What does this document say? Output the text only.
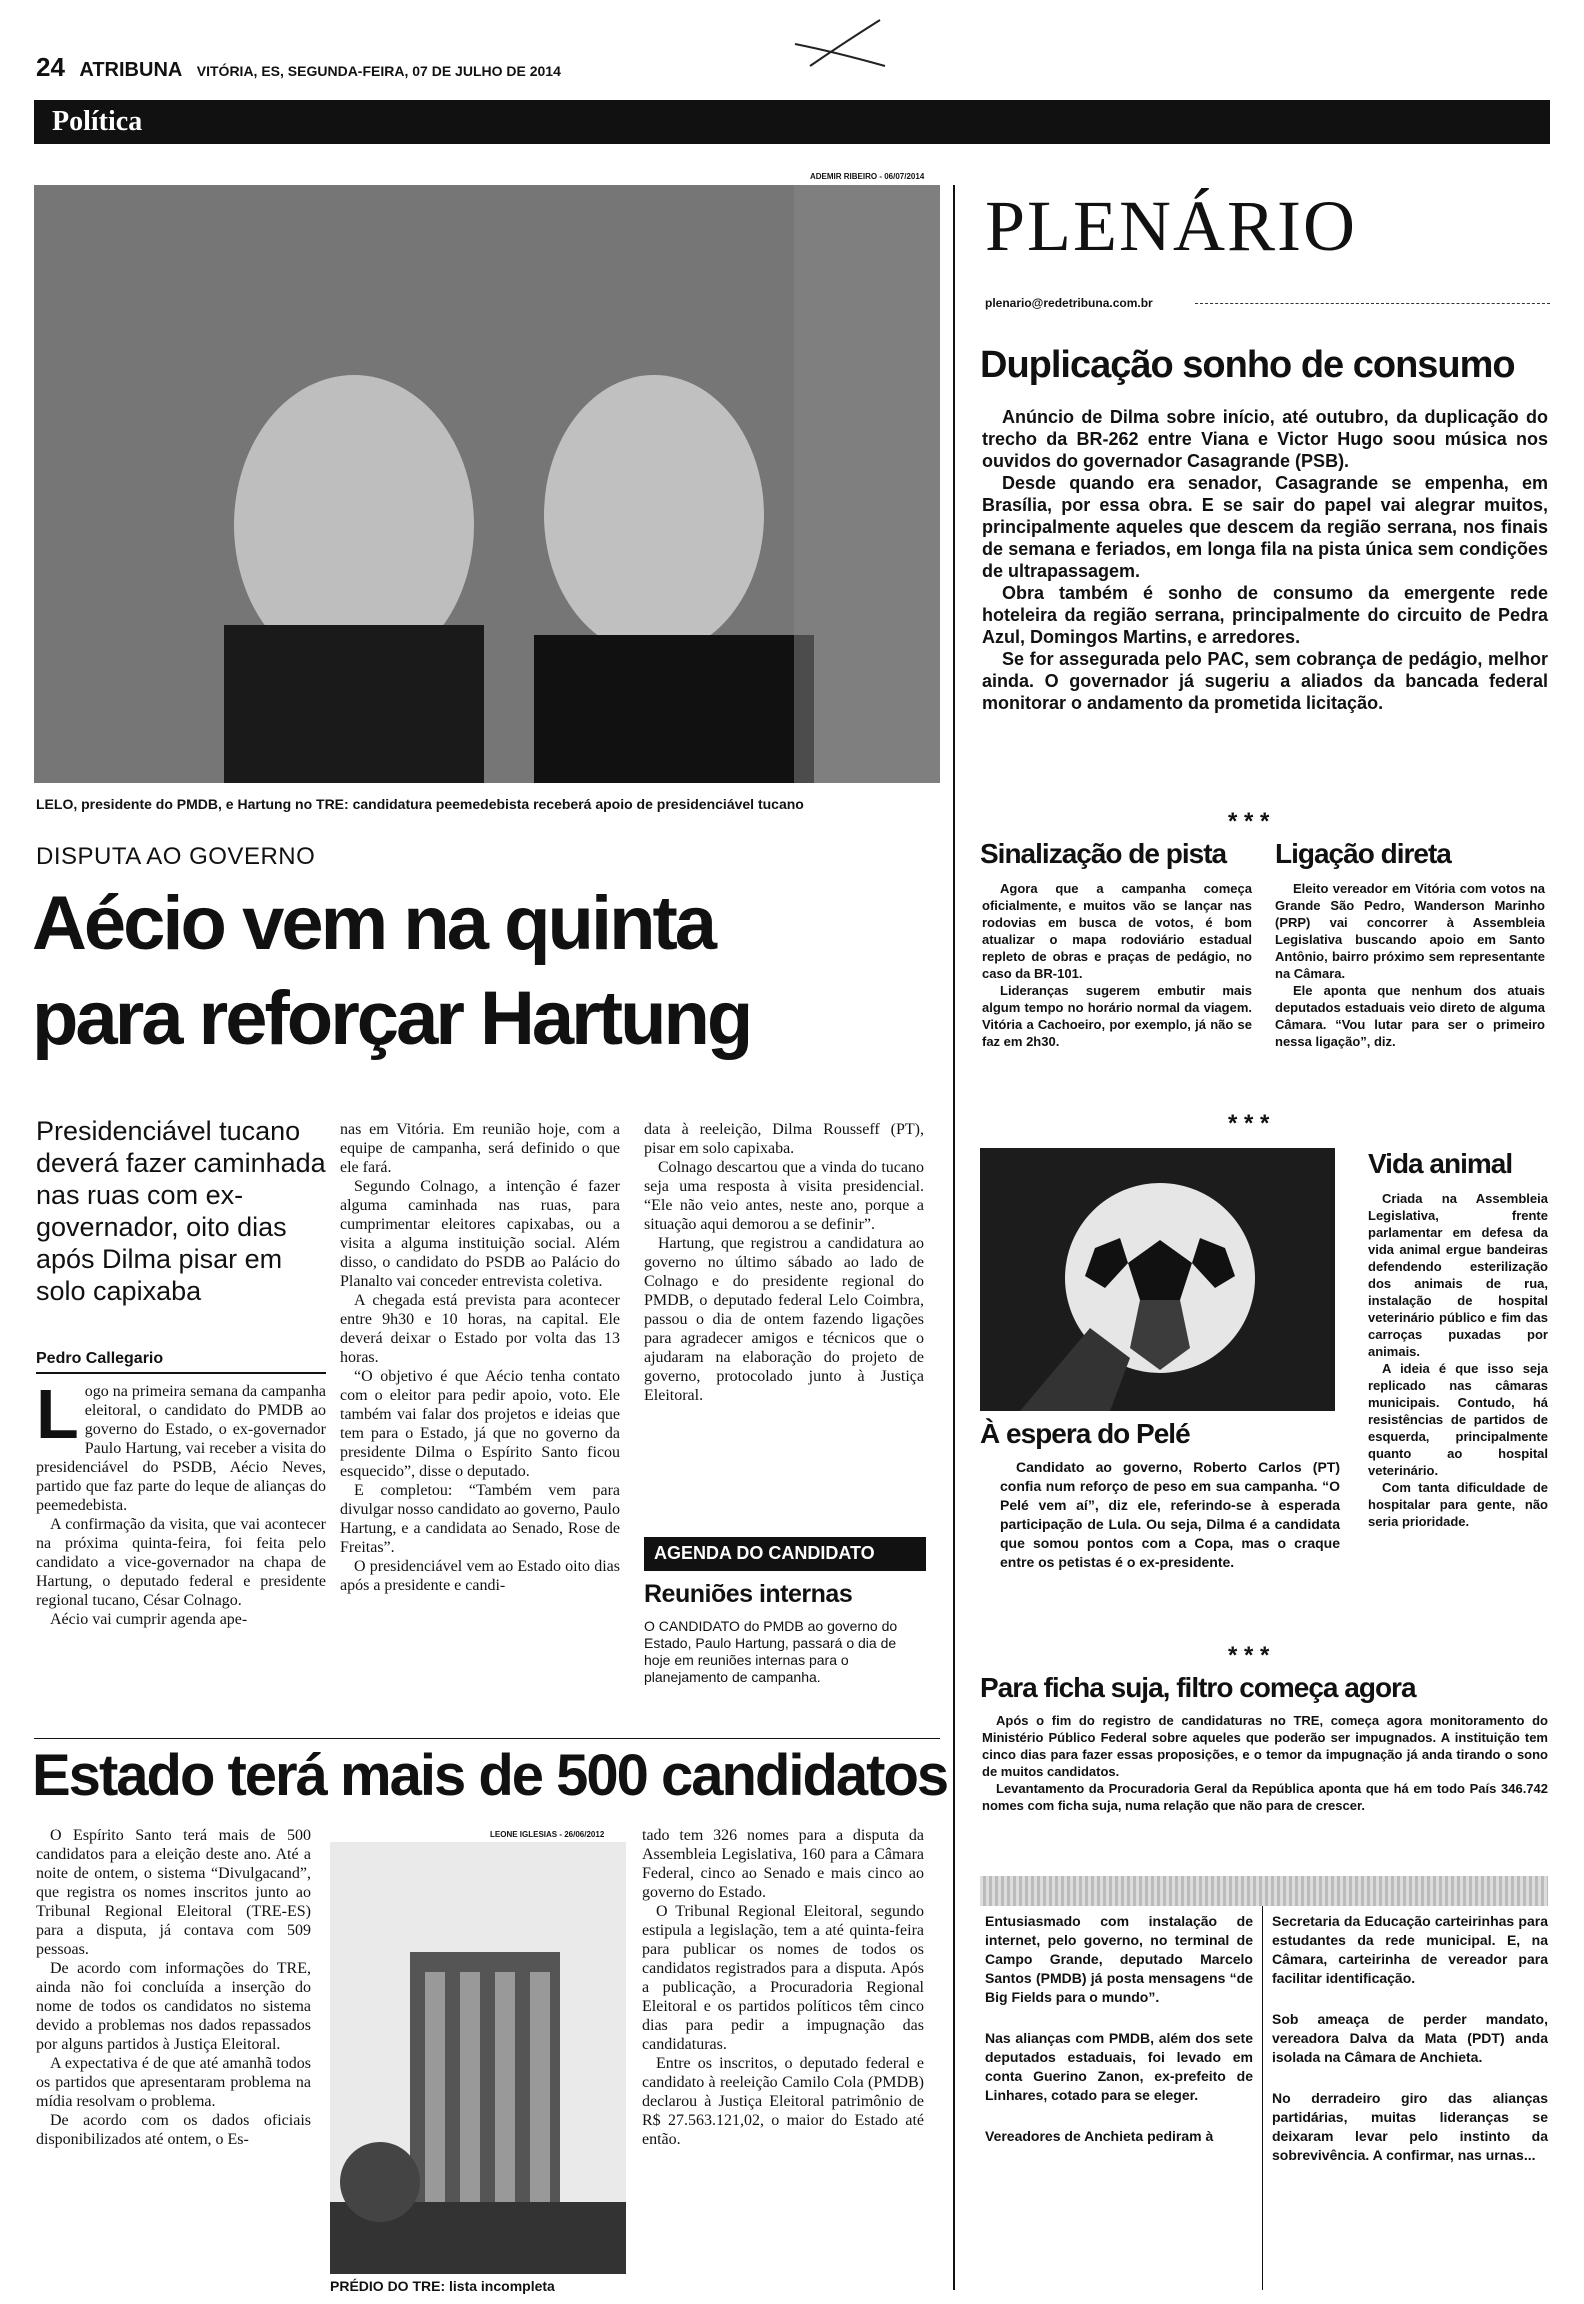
24 ATRIBUNA VITÓRIA, ES, SEGUNDA-FEIRA, 07 DE JULHO DE 2014
Política
ADEMIR RIBEIRO - 06/07/2014
LELO, presidente do PMDB, e Hartung no TRE: candidatura peemedebista receberá apoio de presidenciável tucano
DISPUTA AO GOVERNO
Aécio vem na quinta
para reforçar Hartung
Presidenciável tucano deverá fazer caminhada nas ruas com ex-governador, oito dias após Dilma pisar em solo capixaba
Pedro Callegario
L ogo na primeira semana da campanha eleitoral, o candidato do PMDB ao governo do Estado, o ex-governador Paulo Hartung, vai receber a visita do presidenciável do PSDB, Aécio Neves, partido que faz parte do leque de alianças do peemedebista.

A confirmação da visita, que vai acontecer na próxima quinta-feira, foi feita pelo candidato a vice-governador na chapa de Hartung, o deputado federal e presidente regional tucano, César Colnago.

Aécio vai cumprir agenda ape-

nas em Vitória. Em reunião hoje, com a equipe de campanha, será definido o que ele fará.

Segundo Colnago, a intenção é fazer alguma caminhada nas ruas, para cumprimentar eleitores capixabas, ou a visita a alguma instituição social. Além disso, o candidato do PSDB ao Palácio do Planalto vai conceder entrevista coletiva.

A chegada está prevista para acontecer entre 9h30 e 10 horas, na capital. Ele deverá deixar o Estado por volta das 13 horas.

“O objetivo é que Aécio tenha contato com o eleitor para pedir apoio, voto. Ele também vai falar dos projetos e ideias que tem para o Estado, já que no governo da presidente Dilma o Espírito Santo ficou esquecido”, disse o deputado.

E completou: “Também vem para divulgar nosso candidato ao governo, Paulo Hartung, e a candidata ao Senado, Rose de Freitas”.

O presidenciável vem ao Estado oito dias após a presidente e candi-

data à reeleição, Dilma Rousseff (PT), pisar em solo capixaba.

Colnago descartou que a vinda do tucano seja uma resposta à visita presidencial. “Ele não veio antes, neste ano, porque a situação aqui demorou a se definir”.

Hartung, que registrou a candidatura ao governo no último sábado ao lado de Colnago e do presidente regional do PMDB, o deputado federal Lelo Coimbra, passou o dia de ontem fazendo ligações para agradecer amigos e técnicos que o ajudaram na elaboração do projeto de governo, protocolado junto à Justiça Eleitoral.

AGENDA DO CANDIDATO
Reuniões internas
O CANDIDATO do PMDB ao governo do Estado, Paulo Hartung, passará o dia de hoje em reuniões internas para o planejamento de campanha.
Estado terá mais de 500 candidatos

O Espírito Santo terá mais de 500 candidatos para a eleição deste ano. Até a noite de ontem, o sistema “Divulgacand”, que registra os nomes inscritos junto ao Tribunal Regional Eleitoral (TRE-ES) para a disputa, já contava com 509 pessoas.

De acordo com informações do TRE, ainda não foi concluída a inserção do nome de todos os candidatos no sistema devido a problemas nos dados repassados por alguns partidos à Justiça Eleitoral.

A expectativa é de que até amanhã todos os partidos que apresentaram problema na mídia resolvam o problema.

De acordo com os dados oficiais disponibilizados até ontem, o Es-

LEONE IGLESIAS - 26/06/2012
PRÉDIO DO TRE: lista incompleta

tado tem 326 nomes para a disputa da Assembleia Legislativa, 160 para a Câmara Federal, cinco ao Senado e mais cinco ao governo do Estado.

O Tribunal Regional Eleitoral, segundo estipula a legislação, tem a até quinta-feira para publicar os nomes de todos os candidatos registrados para a disputa. Após a publicação, a Procuradoria Regional Eleitoral e os partidos políticos têm cinco dias para pedir a impugnação das candidaturas.

Entre os inscritos, o deputado federal e candidato à reeleição Camilo Cola (PMDB) declarou à Justiça Eleitoral patrimônio de R$ 27.563.121,02, o maior do Estado até então.

PLENÁRIO
plenario@redetribuna.com.br
Duplicação sonho de consumo

Anúncio de Dilma sobre início, até outubro, da duplicação do trecho da BR-262 entre Viana e Victor Hugo soou música nos ouvidos do governador Casagrande (PSB).

Desde quando era senador, Casagrande se empenha, em Brasília, por essa obra. E se sair do papel vai alegrar muitos, principalmente aqueles que descem da região serrana, nos finais de semana e feriados, em longa fila na pista única sem condições de ultrapassagem.

Obra também é sonho de consumo da emergente rede hoteleira da região serrana, principalmente do circuito de Pedra Azul, Domingos Martins, e arredores.

Se for assegurada pelo PAC, sem cobrança de pedágio, melhor ainda. O governador já sugeriu a aliados da bancada federal monitorar o andamento da prometida licitação.

* * *
Sinalização de pista

Agora que a campanha começa oficialmente, e muitos vão se lançar nas rodovias em busca de votos, é bom atualizar o mapa rodoviário estadual repleto de obras e praças de pedágio, no caso da BR-101.

Lideranças sugerem embutir mais algum tempo no horário normal da viagem. Vitória a Cachoeiro, por exemplo, já não se faz em 2h30.

Ligação direta

Eleito vereador em Vitória com votos na Grande São Pedro, Wanderson Marinho (PRP) vai concorrer à Assembleia Legislativa buscando apoio em Santo Antônio, bairro próximo sem representante na Câmara.

Ele aponta que nenhum dos atuais deputados estaduais veio direto de alguma Câmara. “Vou lutar para ser o primeiro nessa ligação”, diz.

* * *
À espera do Pelé

Candidato ao governo, Roberto Carlos (PT) confia num reforço de peso em sua campanha. “O Pelé vem aí”, diz ele, referindo-se à esperada participação de Lula. Ou seja, Dilma é a candidata que somou pontos com a Copa, mas o craque entre os petistas é o ex-presidente.

Vida animal

Criada na Assembleia Legislativa, frente parlamentar em defesa da vida animal ergue bandeiras defendendo esterilização dos animais de rua, instalação de hospital veterinário público e fim das carroças puxadas por animais.

A ideia é que isso seja replicado nas câmaras municipais. Contudo, há resistências de partidos de esquerda, principalmente quanto ao hospital veterinário.

Com tanta dificuldade de hospitalar para gente, não seria prioridade.

* * *
Para ficha suja, filtro começa agora

Após o fim do registro de candidaturas no TRE, começa agora monitoramento do Ministério Público Federal sobre aqueles que poderão ser impugnados. A instituição tem cinco dias para fazer essas proposições, e o temor da impugnação já anda tirando o sono de muitos candidatos.

Levantamento da Procuradoria Geral da República aponta que há em todo País 346.742 nomes com ficha suja, numa relação que não para de crescer.

Entusiasmado com instalação de internet, pelo governo, no terminal de Campo Grande, deputado Marcelo Santos (PMDB) já posta mensagens “de Big Fields para o mundo”.

Nas alianças com PMDB, além dos sete deputados estaduais, foi levado em conta Guerino Zanon, ex-prefeito de Linhares, cotado para se eleger.

Vereadores de Anchieta pediram à

Secretaria da Educação carteirinhas para estudantes da rede municipal. E, na Câmara, carteirinha de vereador para facilitar identificação.

Sob ameaça de perder mandato, vereadora Dalva da Mata (PDT) anda isolada na Câmara de Anchieta.

No derradeiro giro das alianças partidárias, muitas lideranças se deixaram levar pelo instinto da sobrevivência. A confirmar, nas urnas...
